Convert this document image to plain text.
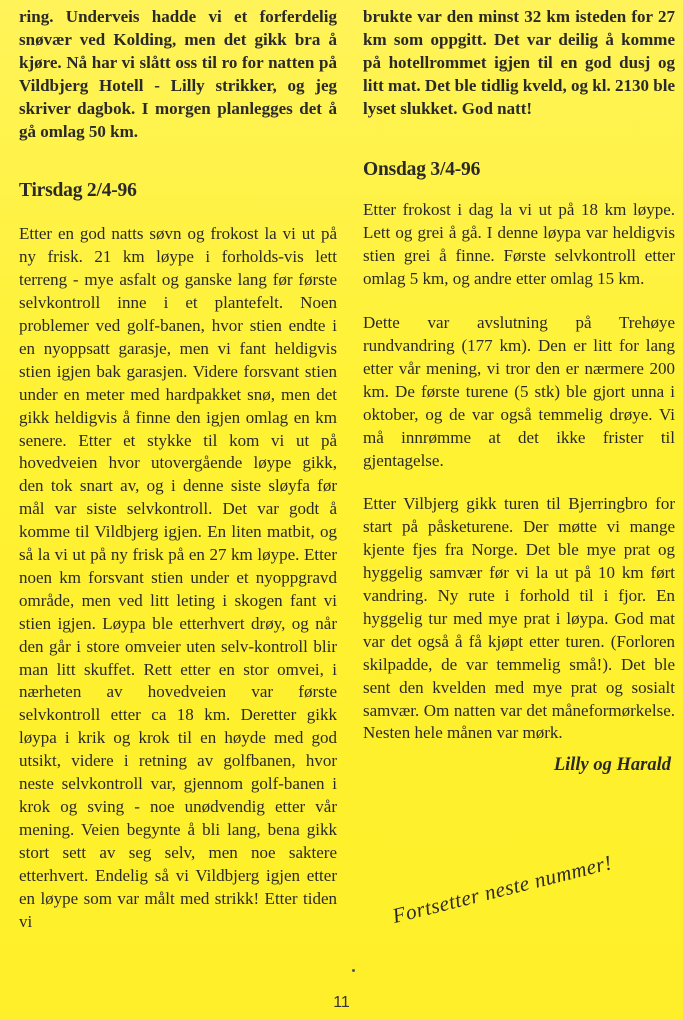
ring. Underveis hadde vi et forferdelig snøvær ved Kolding, men det gikk bra å kjøre. Nå har vi slått oss til ro for natten på Vildbjerg Hotell - Lilly strikker, og jeg skriver dagbok. I morgen planlegges det å gå omlag 50 km.

Tirsdag 2/4-96

Etter en god natts søvn og frokost la vi ut på ny frisk. 21 km løype i forholds-vis lett terreng - mye asfalt og ganske lang før første selvkontroll inne i et plantefelt. Noen problemer ved golf-banen, hvor stien endte i en nyoppsatt garasje, men vi fant heldigvis stien igjen bak garasjen. Videre forsvant stien under en meter med hardpakket snø, men det gikk heldigvis å finne den igjen omlag en km senere. Etter et stykke til kom vi ut på hovedveien hvor utovergående løype gikk, den tok snart av, og i denne siste sløyfa før mål var siste selvkontroll. Det var godt å komme til Vildbjerg igjen. En liten matbit, og så la vi ut på ny frisk på en 27 km løype. Etter noen km forsvant stien under et nyoppgravd område, men ved litt leting i skogen fant vi stien igjen. Løypa ble etterhvert drøy, og når den går i store omveier uten selv-kontroll blir man litt skuffet. Rett etter en stor omvei, i nærheten av hovedveien var første selvkontroll etter ca 18 km. Deretter gikk løypa i krik og krok til en høyde med god utsikt, videre i retning av golfbanen, hvor neste selvkontroll var, gjennom golf-banen i krok og sving - noe unødvendig etter vår mening. Veien begynte å bli lang, bena gikk stort sett av seg selv, men noe saktere etterhvert. Endelig så vi Vildbjerg igjen etter en løype som var målt med strikk! Etter tiden vi

brukte var den minst 32 km isteden for 27 km som oppgitt. Det var deilig å komme på hotellrommet igjen til en god dusj og litt mat. Det ble tidlig kveld, og kl. 2130 ble lyset slukket. God natt!

Onsdag 3/4-96

Etter frokost i dag la vi ut på 18 km løype. Lett og grei å gå. I denne løypa var heldigvis stien grei å finne. Første selvkontroll etter omlag 5 km, og andre etter omlag 15 km.

Dette var avslutning på Trehøye rundvandring (177 km). Den er litt for lang etter vår mening, vi tror den er nærmere 200 km. De første turene (5 stk) ble gjort unna i oktober, og de var også temmelig drøye. Vi må innrømme at det ikke frister til gjentagelse.

Etter Vilbjerg gikk turen til Bjerringbro for start på påsketurene. Der møtte vi mange kjente fjes fra Norge. Det ble mye prat og hyggelig samvær før vi la ut på 10 km ført vandring. Ny rute i forhold til i fjor. En hyggelig tur med mye prat i løypa. God mat var det også å få kjøpt etter turen. (Forloren skilpadde, de var temmelig små!). Det ble sent den kvelden med mye prat og sosialt samvær. Om natten var det måneformørkelse. Nesten hele månen var mørk.

Lilly og Harald
Fortsetter neste nummer!
11
